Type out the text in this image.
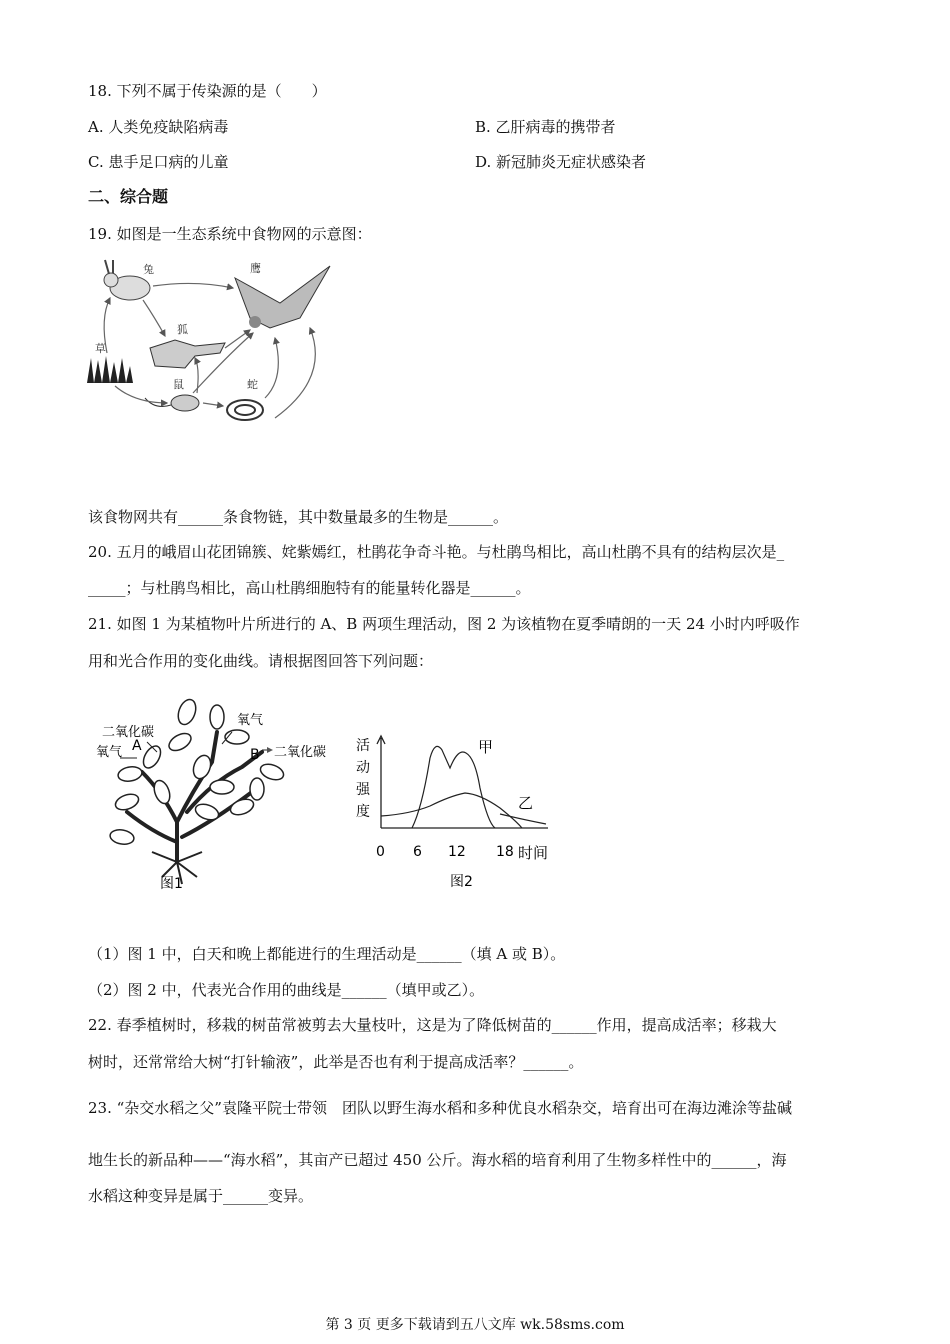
18. 下列不属于传染源的是（　　）
A. 人类免疫缺陷病毒	B. 乙肝病毒的携带者
C. 患手足口病的儿童	D. 新冠肺炎无症状感染者
二、综合题
19. 如图是一生态系统中食物网的示意图：
兔	鹰
狐
草
鼠	蛇
该食物网共有______条食物链，其中数量最多的生物是______。
20. 五月的峨眉山花团锦簇、姹紫嫣红，杜鹃花争奇斗艳。与杜鹃鸟相比，高山杜鹃不具有的结构层次是_
_____；与杜鹃鸟相比，高山杜鹃细胞特有的能量转化器是______。
21. 如图 1 为某植物叶片所进行的 A、B 两项生理活动，图 2 为该植物在夏季晴朗的一天 24 小时内呼吸作
用和光合作用的变化曲线。请根据图回答下列问题：
二氧化碳
氧气 A
氧气
B 二氧化碳
图1
活
动
强
度
甲
乙
0 6 12 18 时间
图2
（1）图 1 中，白天和晚上都能进行的生理活动是______（填 A 或 B）。
（2）图 2 中，代表光合作用的曲线是______（填甲或乙）。
22. 春季植树时，移栽的树苗常被剪去大量枝叶，这是为了降低树苗的______作用，提高成活率；移栽大
树时，还常常给大树“打针输液”，此举是否也有利于提高成活率？______。
23. “杂交水稻之父”袁隆平院士带领　团队以野生海水稻和多种优良水稻杂交，培育出可在海边滩涂等盐碱
地生长的新品种——“海水稻”，其亩产已超过 450 公斤。海水稻的培育利用了生物多样性中的______，海
水稻这种变异是属于______变异。
第 3 页 更多下载请到五八文库 wk.58sms.com
